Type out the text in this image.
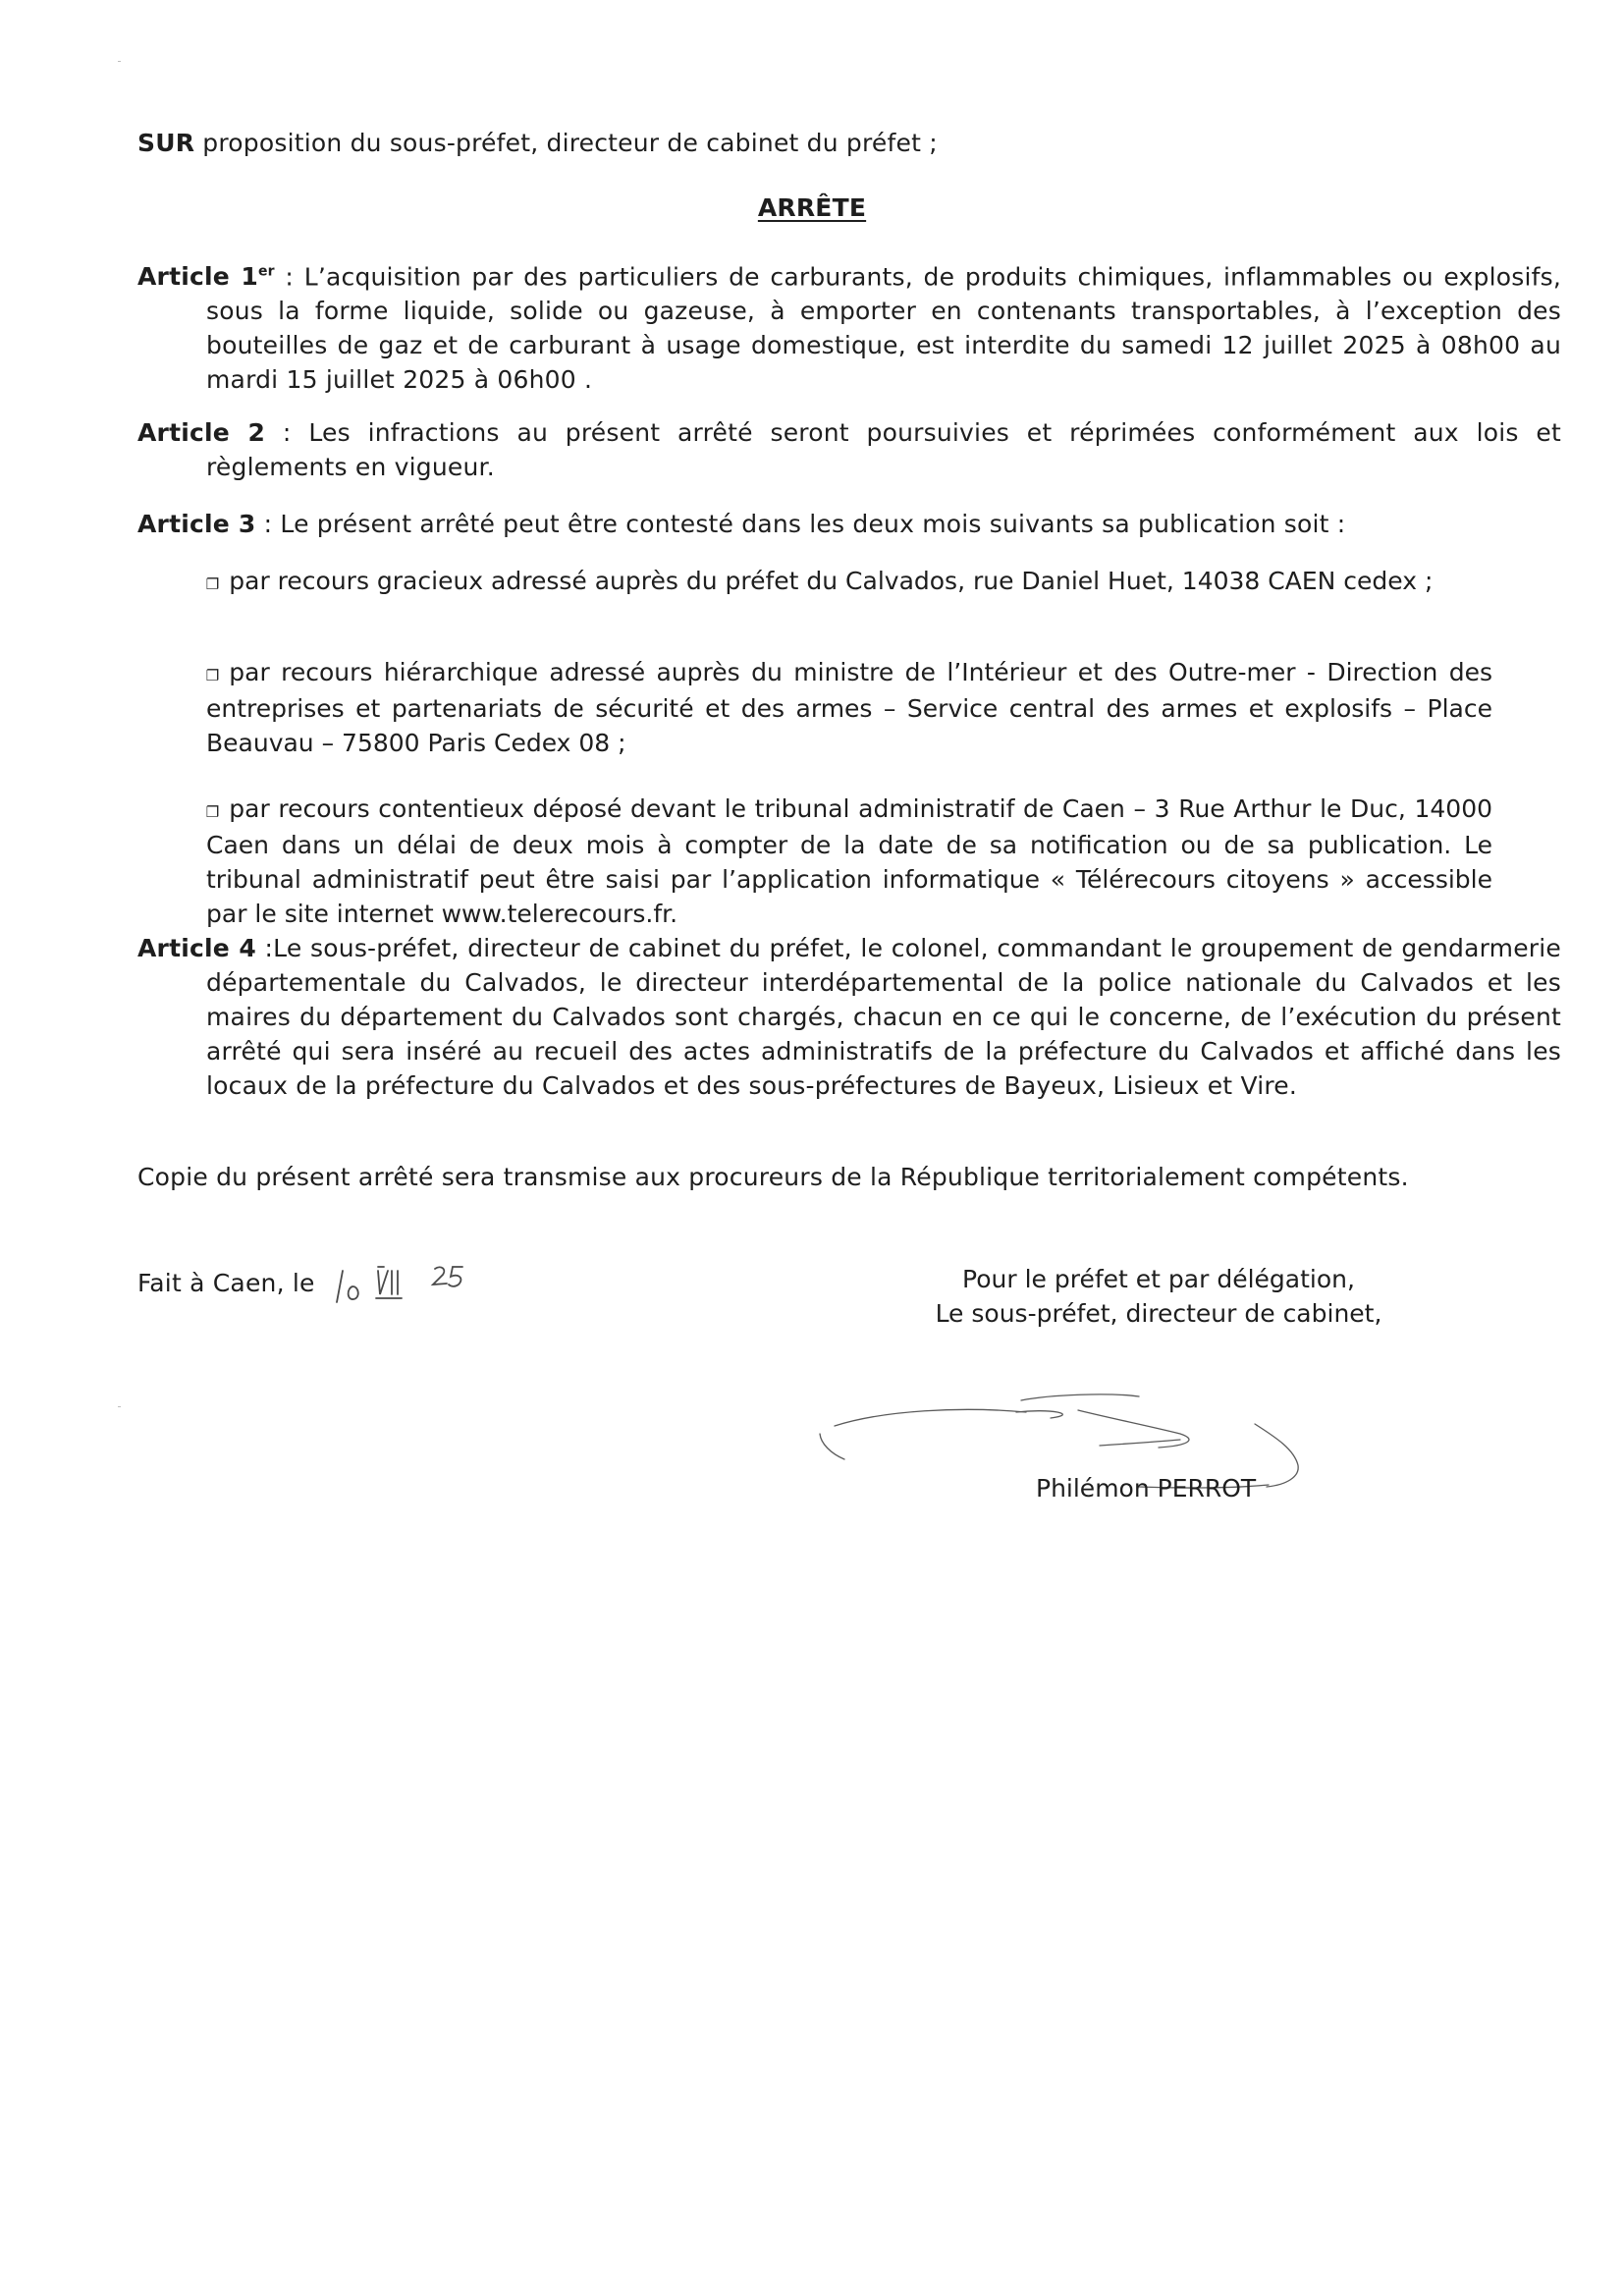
SUR proposition du sous-préfet, directeur de cabinet du préfet ;

ARRÊTE

Article 1er : L’acquisition par des particuliers de carburants, de produits chimiques, inflammables ou explosifs, sous la forme liquide, solide ou gazeuse, à emporter en contenants transportables, à l’exception des bouteilles de gaz et de carburant à usage domestique, est interdite du samedi 12 juillet 2025 à 08h00 au mardi 15 juillet 2025 à 06h00 .

Article 2 : Les infractions au présent arrêté seront poursuivies et réprimées conformément aux lois et règlements en vigueur.

Article 3 : Le présent arrêté peut être contesté dans les deux mois suivants sa publication soit :

❐ par recours gracieux adressé auprès du préfet du Calvados, rue Daniel Huet, 14038 CAEN cedex ;
❐ par recours hiérarchique adressé auprès du ministre de l’Intérieur et des Outre-mer - Direction des entreprises et partenariats de sécurité et des armes – Service central des armes et explosifs – Place Beauvau – 75800 Paris Cedex 08 ;
❐ par recours contentieux déposé devant le tribunal administratif de Caen – 3 Rue Arthur le Duc, 14000 Caen dans un délai de deux mois à compter de la date de sa notification ou de sa publication. Le tribunal administratif peut être saisi par l’application informatique « Télérecours citoyens » accessible par le site internet www.telerecours.fr.

Article 4 :Le sous-préfet, directeur de cabinet du préfet, le colonel, commandant le groupement de gendarmerie départementale du Calvados, le directeur interdépartemental de la police nationale du Calvados et les maires du département du Calvados sont chargés, chacun en ce qui le concerne, de l’exécution du présent arrêté qui sera inséré au recueil des actes administratifs de la préfecture du Calvados et affiché dans les locaux de la préfecture du Calvados et des sous-préfectures de Bayeux, Lisieux et Vire.

Copie du présent arrêté sera transmise aux procureurs de la République territorialement compétents.

Fait à Caen, le	Pour le préfet et par délégation,
Le sous-préfet, directeur de cabinet,
Philémon PERROT
